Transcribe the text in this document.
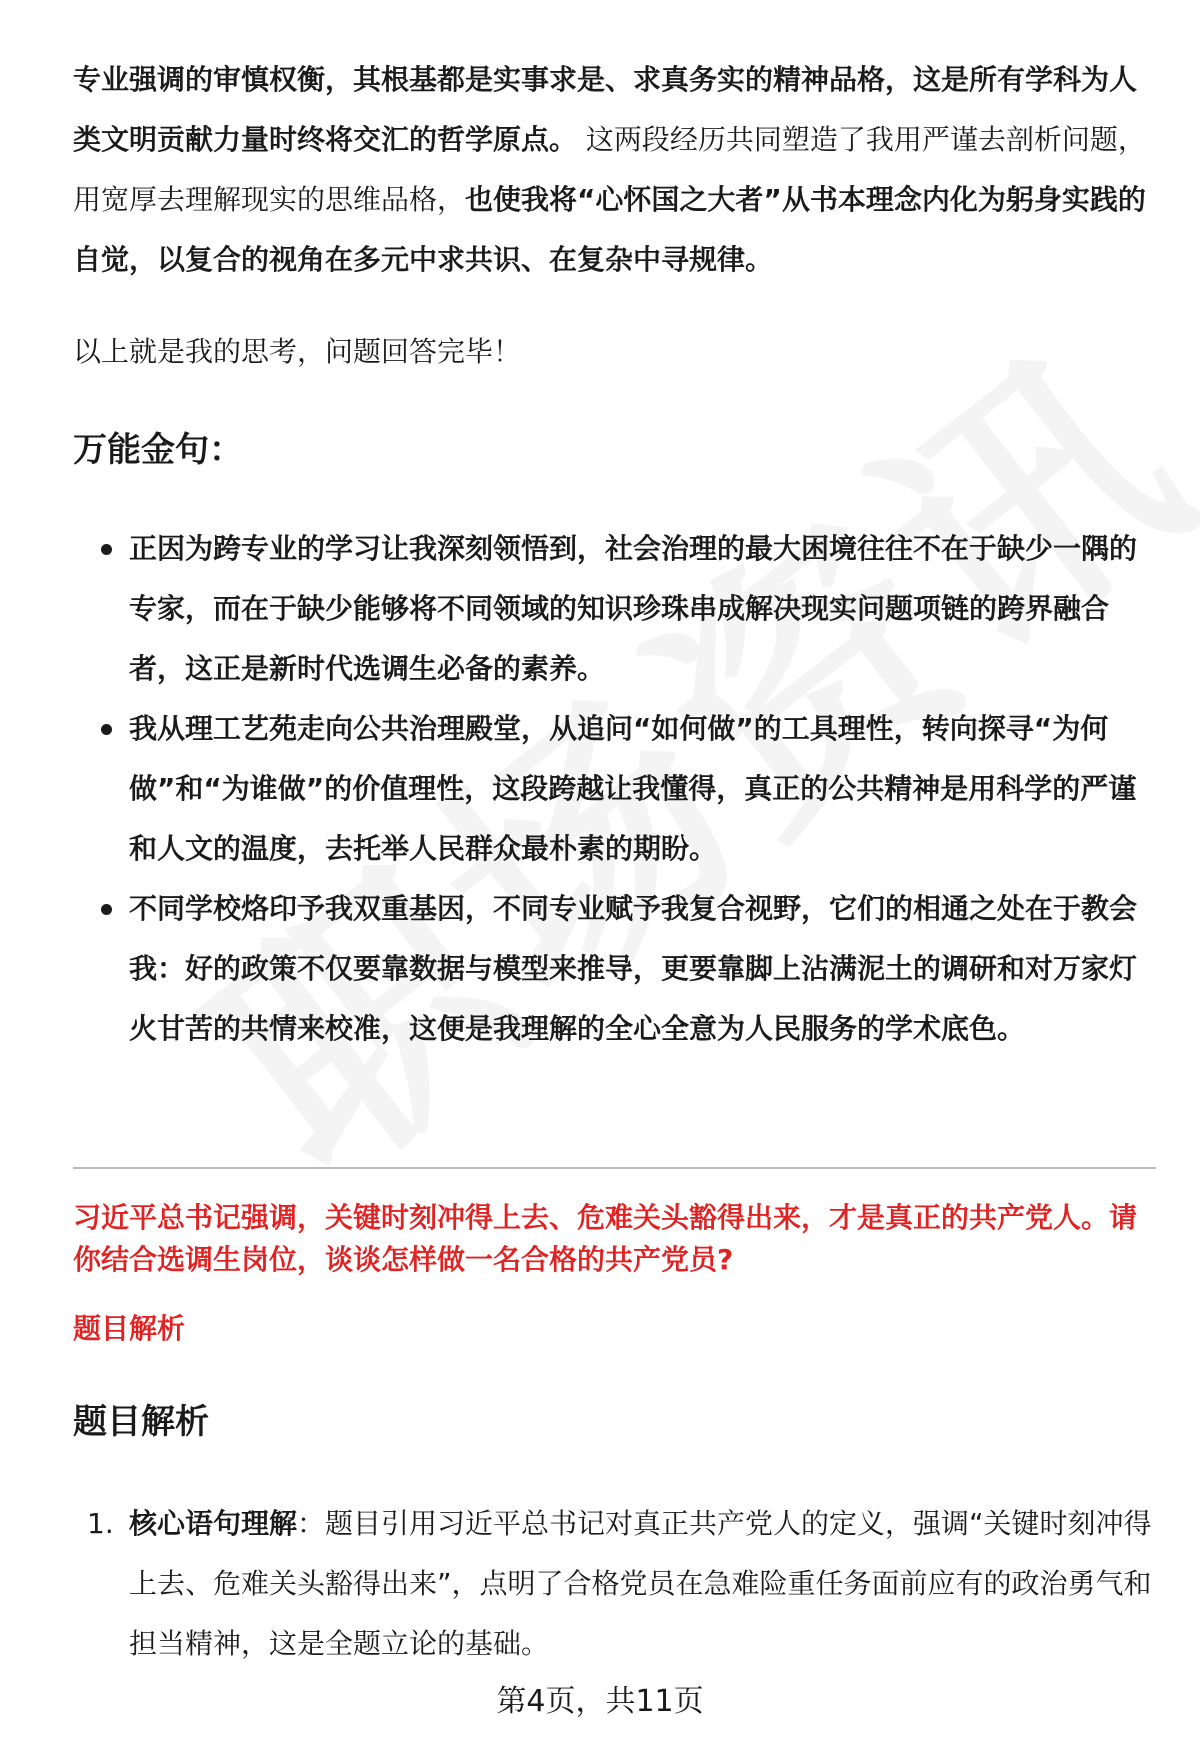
专业强调的审慎权衡，其根基都是实事求是、求真务实的精神品格，这是所有学科为人类文明贡献力量时终将交汇的哲学原点。 这两段经历共同塑造了我用严谨去剖析问题，用宽厚去理解现实的思维品格，也使我将“心怀国之大者”从书本理念内化为躬身实践的自觉，以复合的视角在多元中求共识、在复杂中寻规律。
以上就是我的思考，问题回答完毕！
万能金句：
正因为跨专业的学习让我深刻领悟到，社会治理的最大困境往往不在于缺少一隅的专家，而在于缺少能够将不同领域的知识珍珠串成解决现实问题项链的跨界融合者，这正是新时代选调生必备的素养。
我从理工艺苑走向公共治理殿堂，从追问“如何做”的工具理性，转向探寻“为何做”和“为谁做”的价值理性，这段跨越让我懂得，真正的公共精神是用科学的严谨和人文的温度，去托举人民群众最朴素的期盼。
不同学校烙印予我双重基因，不同专业赋予我复合视野，它们的相通之处在于教会我：好的政策不仅要靠数据与模型来推导，更要靠脚上沾满泥土的调研和对万家灯火甘苦的共情来校准，这便是我理解的全心全意为人民服务的学术底色。
习近平总书记强调，关键时刻冲得上去、危难关头豁得出来，才是真正的共产党人。请你结合选调生岗位，谈谈怎样做一名合格的共产党员?
题目解析
题目解析
1. 核心语句理解：题目引用习近平总书记对真正共产党人的定义，强调“关键时刻冲得上去、危难关头豁得出来”，点明了合格党员在急难险重任务面前应有的政治勇气和担当精神，这是全题立论的基础。
第4页，共11页
